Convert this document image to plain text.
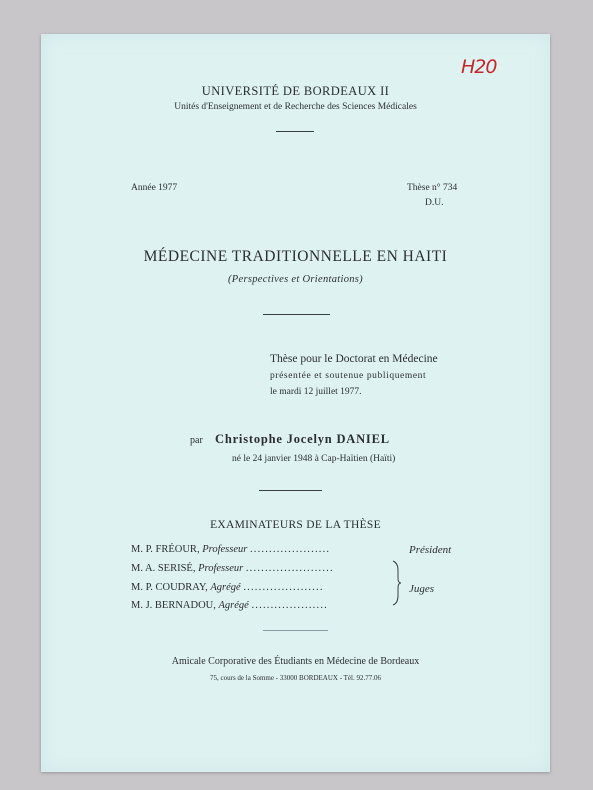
H20
UNIVERSITÉ DE BORDEAUX II
Unités d'Enseignement et de Recherche des Sciences Médicales
Année 1977	Thèse n° 734
D.U.
MÉDECINE TRADITIONNELLE EN HAITI
(Perspectives et Orientations)
Thèse pour le Doctorat en Médecine
présentée et soutenue publiquement
le mardi 12 juillet 1977.
par Christophe Jocelyn DANIEL
né le 24 janvier 1948 à Cap-Haïtien (Haïti)
EXAMINATEURS DE LA THÈSE
M. P. FRÉOUR, Professeur .....................
M. A. SERISÉ, Professeur .......................
M. P. COUDRAY, Agrégé .....................
M. J. BERNADOU, Agrégé ....................
Président
Juges
Amicale Corporative des Étudiants en Médecine de Bordeaux
75, cours de la Somme - 33000 BORDEAUX - Tél. 92.77.06
